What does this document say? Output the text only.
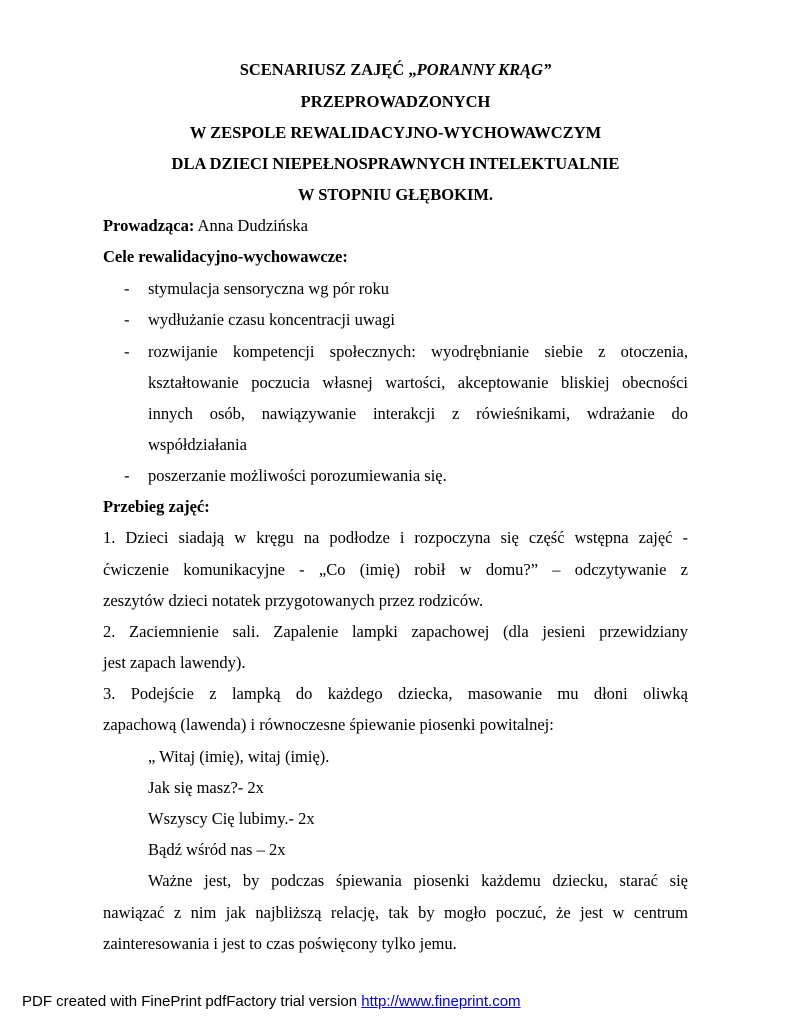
SCENARIUSZ ZAJĘĆ „PORANNY KRĄG”
PRZEPROWADZONYCH
W ZESPOLE REWALIDACYJNO-WYCHOWAWCZYM
DLA DZIECI NIEPEŁNOSPRAWNYCH INTELEKTUALNIE
W STOPNIU GŁĘBOKIM.
Prowadząca: Anna Dudzińska
Cele rewalidacyjno-wychowawcze:
- stymulacja sensoryczna wg pór roku
- wydłużanie czasu koncentracji uwagi
- rozwijanie kompetencji społecznych: wyodrębnianie siebie z otoczenia,
kształtowanie poczucia własnej wartości, akceptowanie bliskiej obecności
innych osób, nawiązywanie interakcji z rówieśnikami, wdrażanie do
współdziałania
- poszerzanie możliwości porozumiewania się.
Przebieg zajęć:
1. Dzieci siadają w kręgu na podłodze i rozpoczyna się część wstępna zajęć -
ćwiczenie komunikacyjne - „Co (imię) robił w domu?” – odczytywanie z
zeszytów dzieci notatek przygotowanych przez rodziców.
2. Zaciemnienie sali. Zapalenie lampki zapachowej (dla jesieni przewidziany
jest zapach lawendy).
3. Podejście z lampką do każdego dziecka, masowanie mu dłoni oliwką
zapachową (lawenda) i równoczesne śpiewanie piosenki powitalnej:
„ Witaj (imię), witaj (imię).
Jak się masz?- 2x
Wszyscy Cię lubimy.- 2x
Bądź wśród nas – 2x
Ważne jest, by podczas śpiewania piosenki każdemu dziecku, starać się
nawiązać z nim jak najbliższą relację, tak by mogło poczuć, że jest w centrum
zainteresowania i jest to czas poświęcony tylko jemu.
PDF created with FinePrint pdfFactory trial version http://www.fineprint.com
